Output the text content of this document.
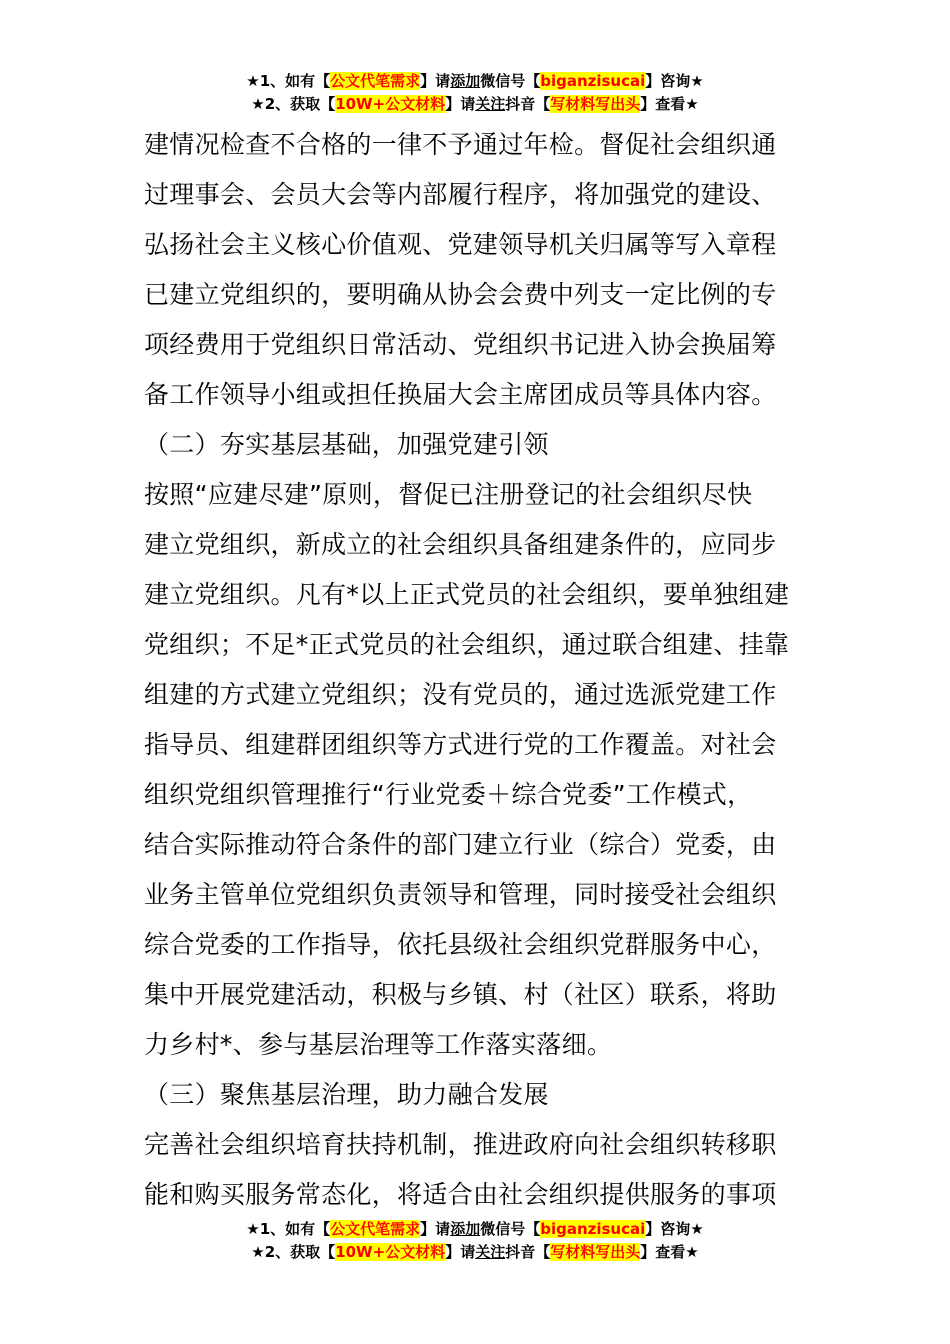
★1、如有【公文代笔需求】请添加微信号【biganzisucai】咨询★
★2、获取【10W+公文材料】请关注抖音【写材料写出头】查看★

建情况检查不合格的一律不予通过年检。督促社会组织通

过理事会、会员大会等内部履行程序，将加强党的建设、

弘扬社会主义核心价值观、党建领导机关归属等写入章程

已建立党组织的，要明确从协会会费中列支一定比例的专

项经费用于党组织日常活动、党组织书记进入协会换届筹

备工作领导小组或担任换届大会主席团成员等具体内容。

（二）夯实基层基础，加强党建引领

按照“应建尽建”原则，督促已注册登记的社会组织尽快

建立党组织，新成立的社会组织具备组建条件的，应同步

建立党组织。凡有*以上正式党员的社会组织，要单独组建

党组织；不足*正式党员的社会组织，通过联合组建、挂靠

组建的方式建立党组织；没有党员的，通过选派党建工作

指导员、组建群团组织等方式进行党的工作覆盖。对社会

组织党组织管理推行“行业党委＋综合党委”工作模式，

结合实际推动符合条件的部门建立行业（综合）党委，由

业务主管单位党组织负责领导和管理，同时接受社会组织

综合党委的工作指导，依托县级社会组织党群服务中心，

集中开展党建活动，积极与乡镇、村（社区）联系，将助

力乡村*、参与基层治理等工作落实落细。

（三）聚焦基层治理，助力融合发展

完善社会组织培育扶持机制，推进政府向社会组织转移职

能和购买服务常态化，将适合由社会组织提供服务的事项

★1、如有【公文代笔需求】请添加微信号【biganzisucai】咨询★
★2、获取【10W+公文材料】请关注抖音【写材料写出头】查看★
